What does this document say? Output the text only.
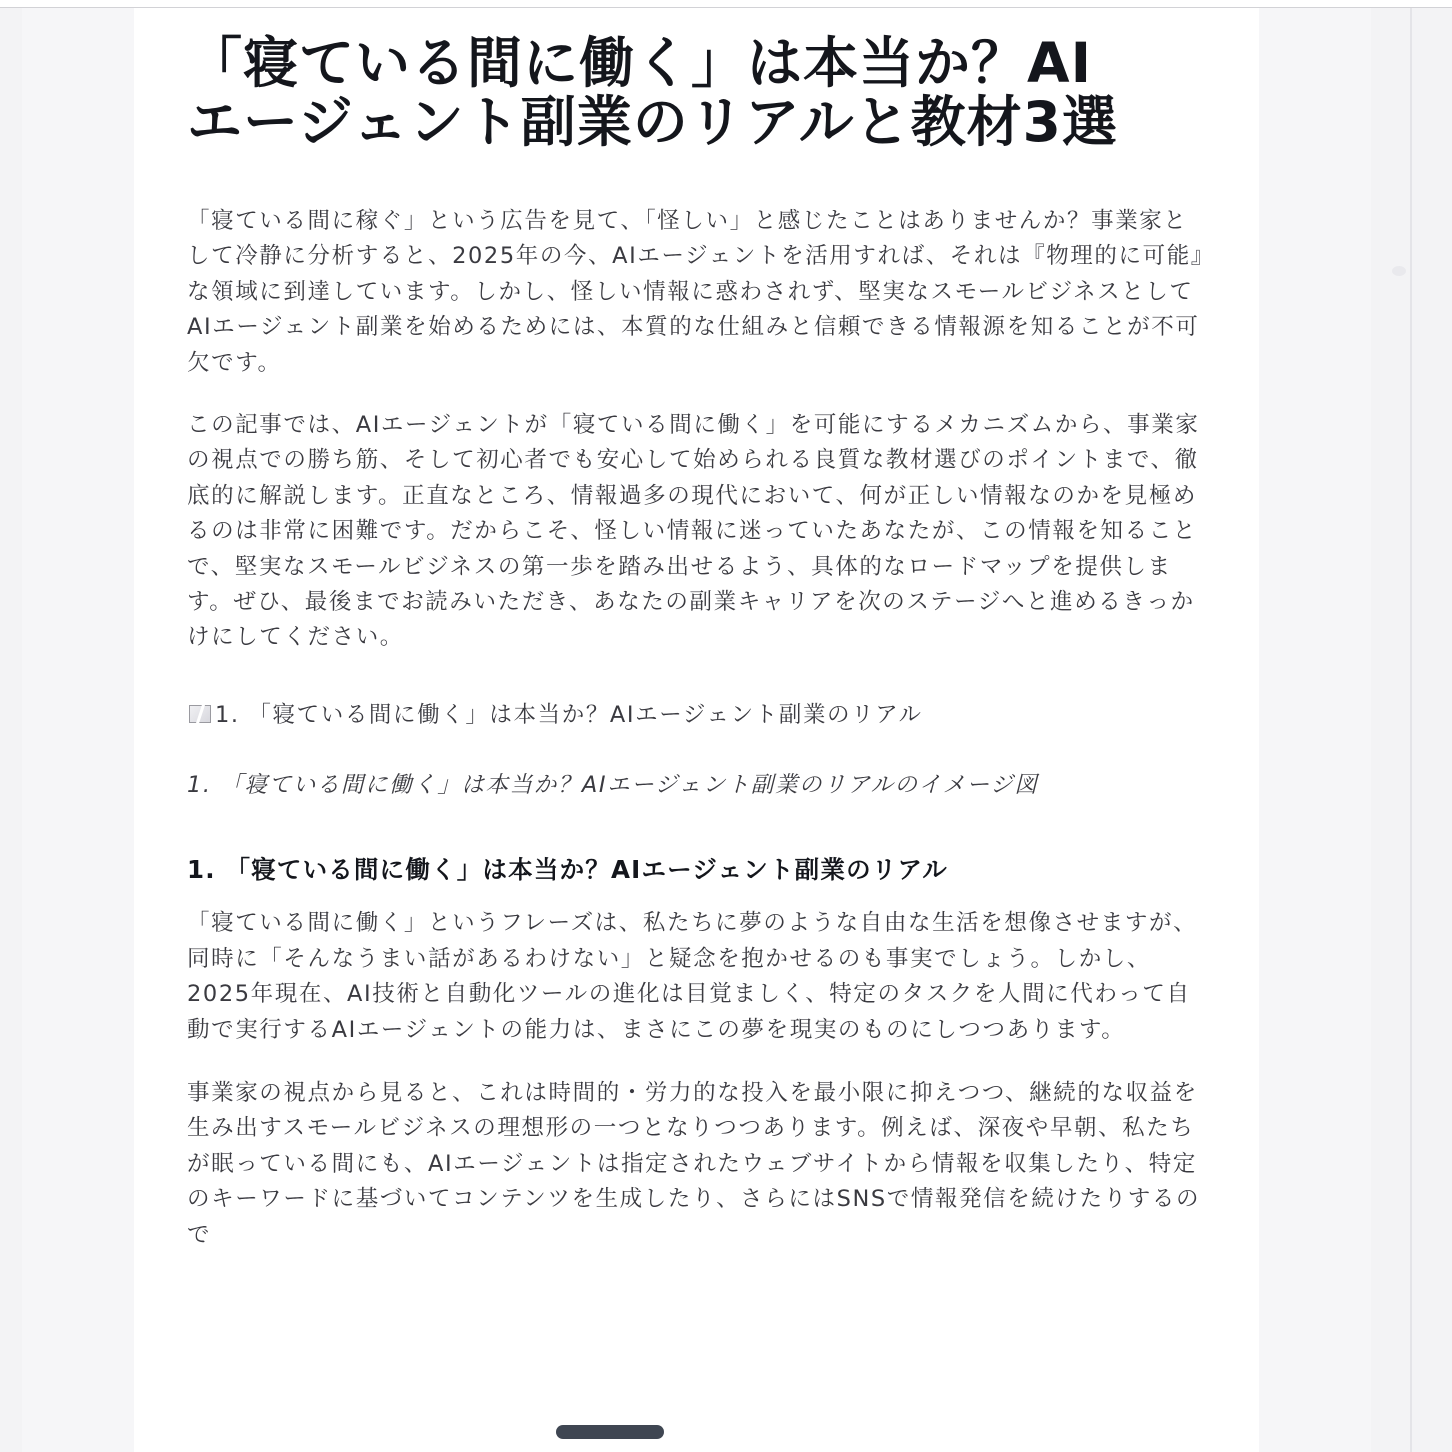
「寝ている間に働く」は本当か？AIエージェント副業のリアルと教材3選

「寝ている間に稼ぐ」という広告を見て、「怪しい」と感じたことはありませんか？事業家として冷静に分析すると、2025年の今、AIエージェントを活用すれば、それは『物理的に可能』な領域に到達しています。しかし、怪しい情報に惑わされず、堅実なスモールビジネスとしてAIエージェント副業を始めるためには、本質的な仕組みと信頼できる情報源を知ることが不可欠です。

この記事では、AIエージェントが「寝ている間に働く」を可能にするメカニズムから、事業家の視点での勝ち筋、そして初心者でも安心して始められる良質な教材選びのポイントまで、徹底的に解説します。正直なところ、情報過多の現代において、何が正しい情報なのかを見極めるのは非常に困難です。だからこそ、怪しい情報に迷っていたあなたが、この情報を知ることで、堅実なスモールビジネスの第一歩を踏み出せるよう、具体的なロードマップを提供します。ぜひ、最後までお読みいただき、あなたの副業キャリアを次のステージへと進めるきっかけにしてください。

1. 「寝ている間に働く」は本当か？AIエージェント副業のリアル

1. 「寝ている間に働く」は本当か？AIエージェント副業のリアルのイメージ図

1. 「寝ている間に働く」は本当か？AIエージェント副業のリアル

「寝ている間に働く」というフレーズは、私たちに夢のような自由な生活を想像させますが、同時に「そんなうまい話があるわけない」と疑念を抱かせるのも事実でしょう。しかし、2025年現在、AI技術と自動化ツールの進化は目覚ましく、特定のタスクを人間に代わって自動で実行するAIエージェントの能力は、まさにこの夢を現実のものにしつつあります。

事業家の視点から見ると、これは時間的・労力的な投入を最小限に抑えつつ、継続的な収益を生み出すスモールビジネスの理想形の一つとなりつつあります。例えば、深夜や早朝、私たちが眠っている間にも、AIエージェントは指定されたウェブサイトから情報を収集したり、特定のキーワードに基づいてコンテンツを生成したり、さらにはSNSで情報発信を続けたりするので
